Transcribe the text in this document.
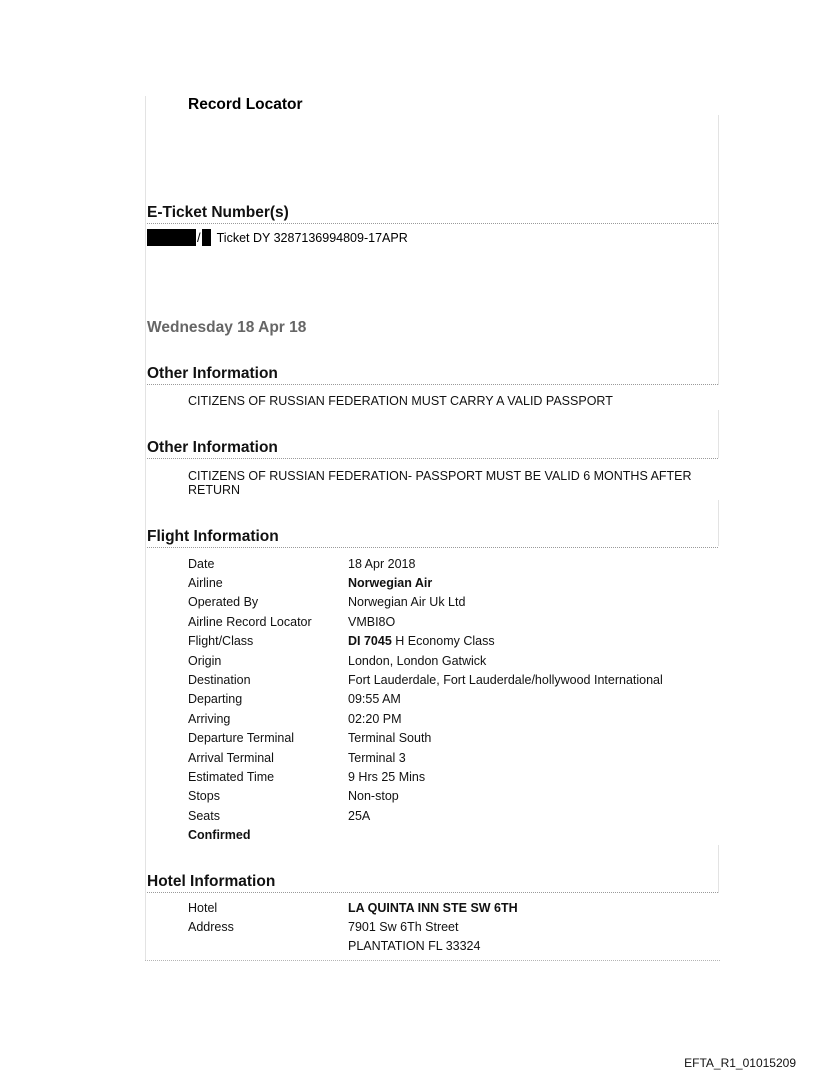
Record Locator
E-Ticket Number(s)
/ Ticket DY 3287136994809-17APR
Wednesday 18 Apr 18
Other Information
CITIZENS OF RUSSIAN FEDERATION MUST CARRY A VALID PASSPORT
Other Information
CITIZENS OF RUSSIAN FEDERATION- PASSPORT MUST BE VALID 6 MONTHS AFTER
RETURN
Flight Information
Date	18 Apr 2018
Airline	Norwegian Air
Operated By	Norwegian Air Uk Ltd
Airline Record Locator	VMBI8O
Flight/Class	DI 7045 H Economy Class
Origin	London, London Gatwick
Destination	Fort Lauderdale, Fort Lauderdale/hollywood International
Departing	09:55 AM
Arriving	02:20 PM
Departure Terminal	Terminal South
Arrival Terminal	Terminal 3
Estimated Time	9 Hrs 25 Mins
Stops	Non-stop
Seats	25A
Confirmed
Hotel Information
Hotel	LA QUINTA INN STE SW 6TH
Address	7901 Sw 6Th Street
PLANTATION FL 33324
EFTA_R1_01015209
